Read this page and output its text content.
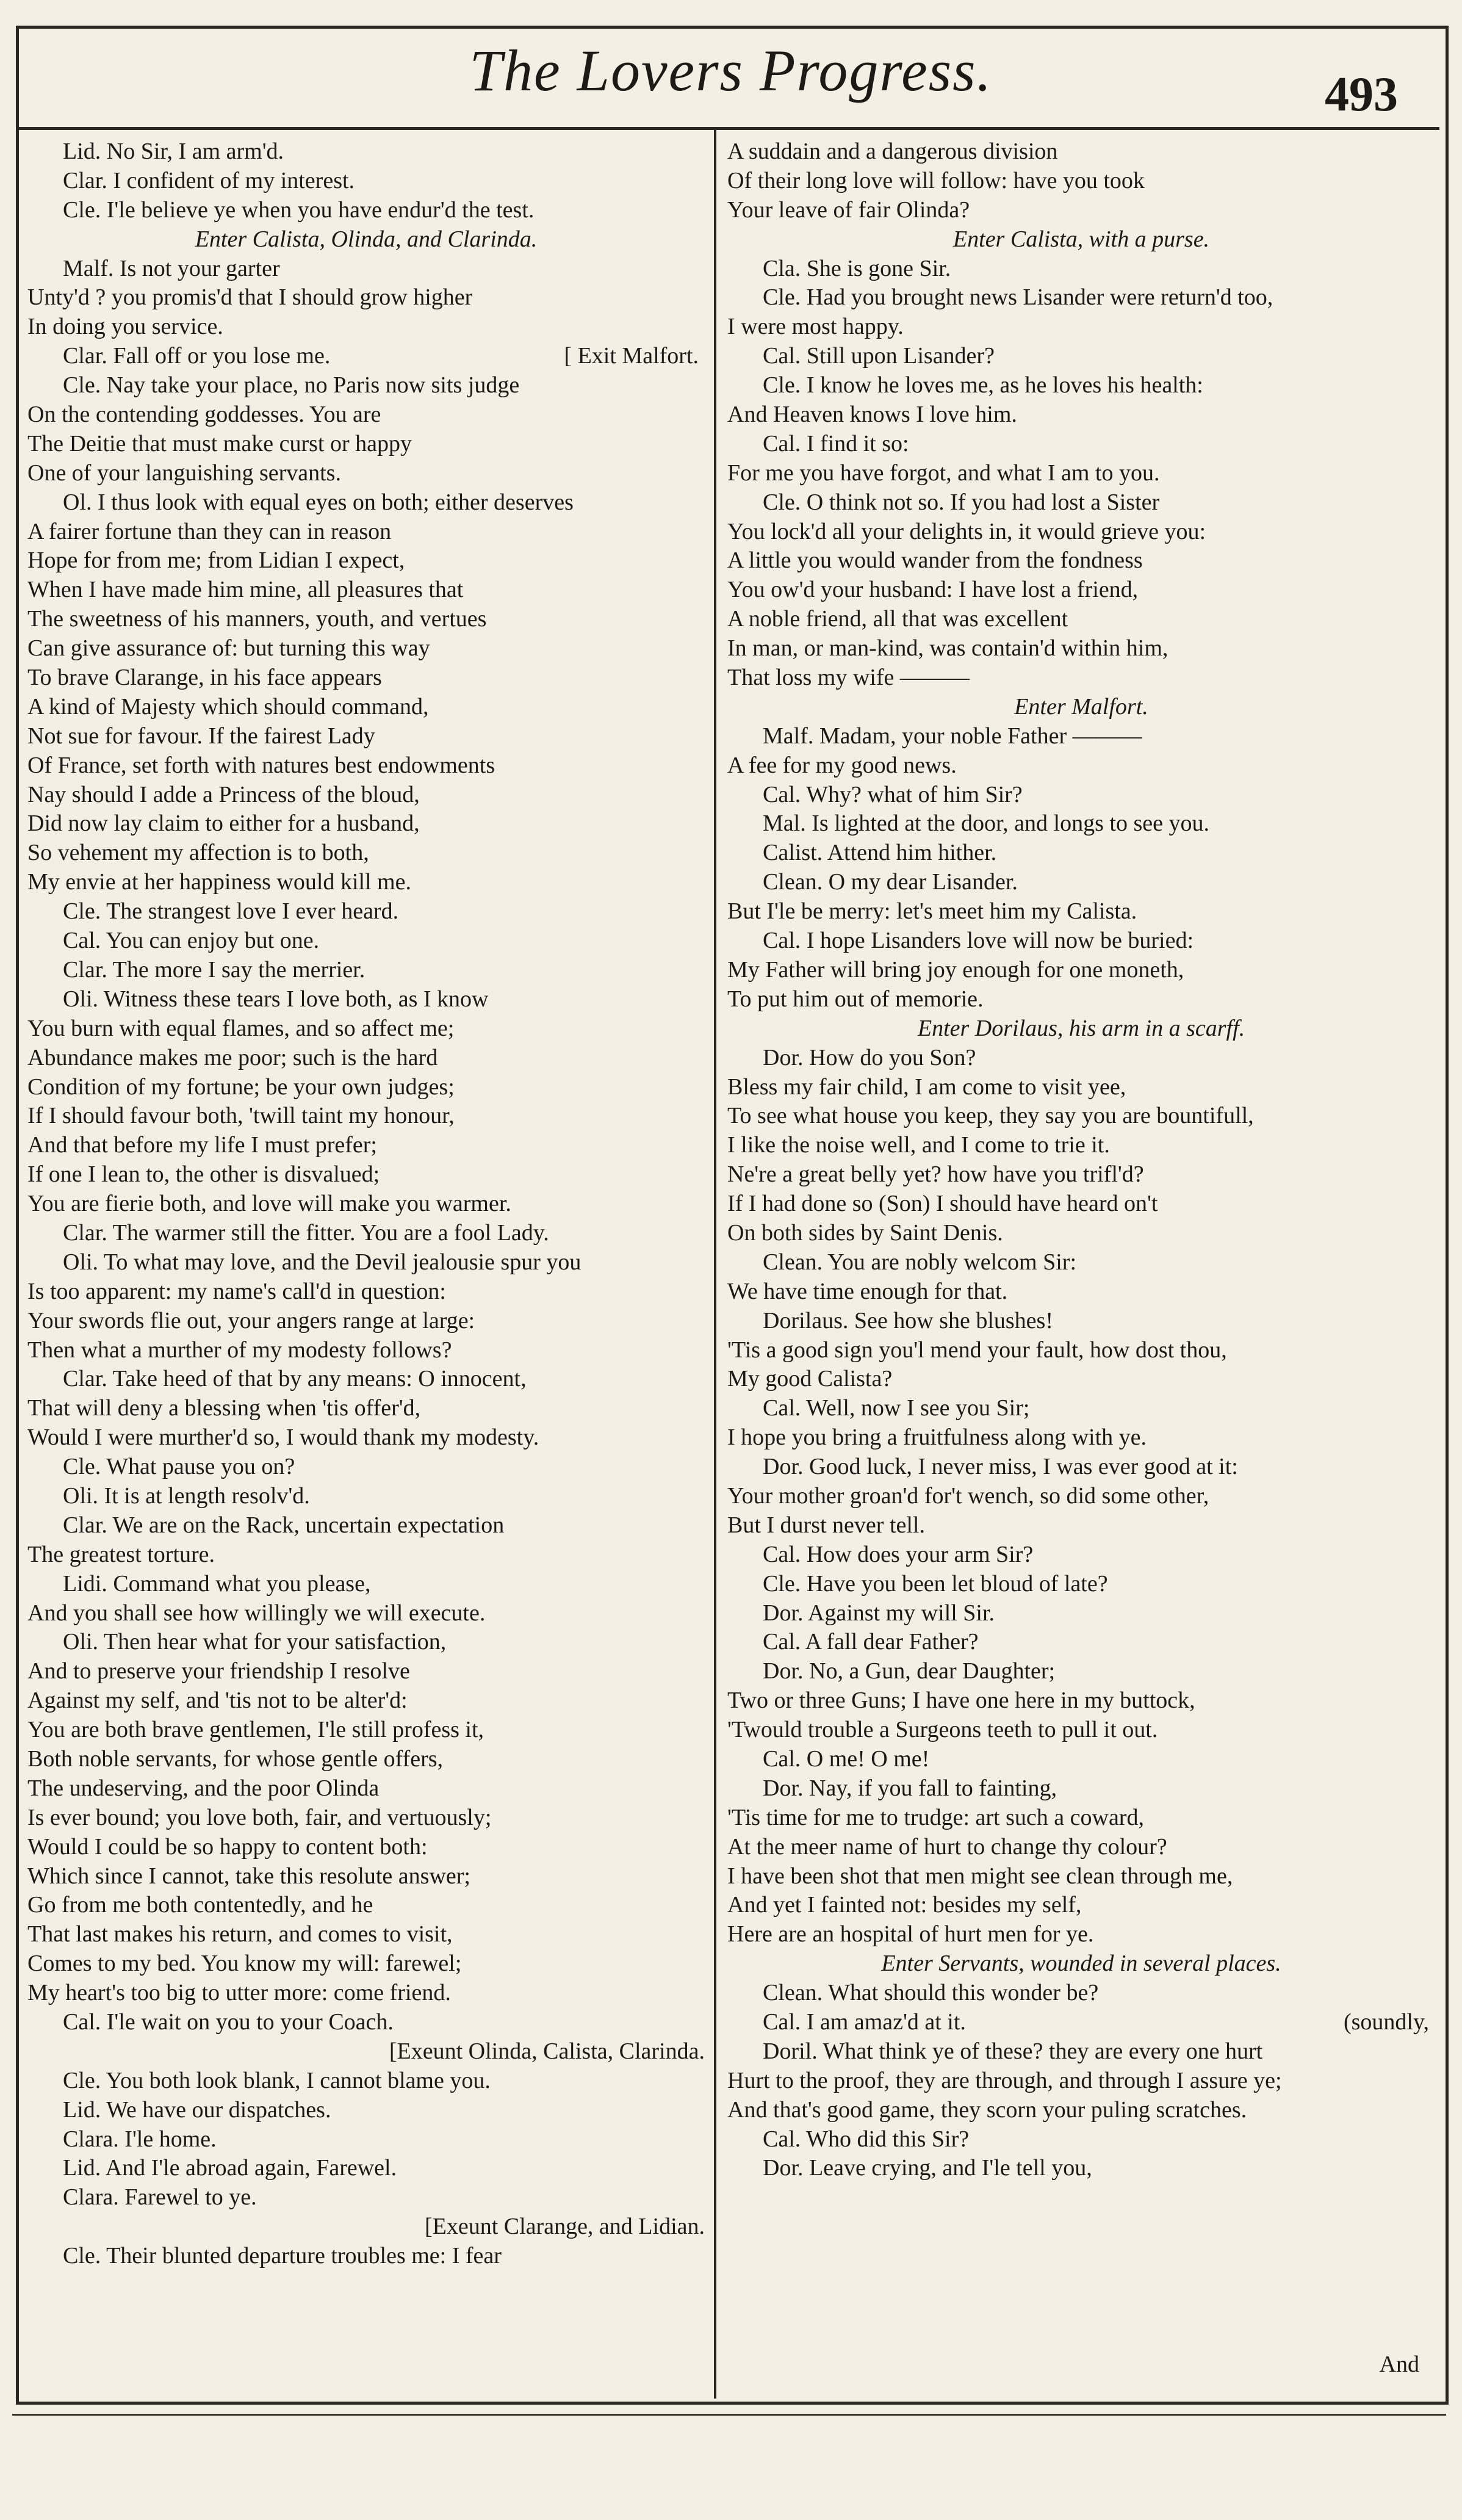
The Lovers Progress.	493
Lid. No Sir, I am arm'd.
Clar. I confident of my interest.
Cle. I'le believe ye when you have endur'd the test.
Enter Calista, Olinda, and Clarinda.
Malf. Is not your garter
Unty'd ? you promis'd that I should grow higher
In doing you service.
Clar. Fall off or you lose me.	[ Exit Malfort.
Cle. Nay take your place, no Paris now sits judge
On the contending goddesses. You are
The Deitie that must make curst or happy
One of your languishing servants.
Ol. I thus look with equal eyes on both; either deserves
A fairer fortune than they can in reason
Hope for from me; from Lidian I expect,
When I have made him mine, all pleasures that
The sweetness of his manners, youth, and vertues
Can give assurance of: but turning this way
To brave Clarange, in his face appears
A kind of Majesty which should command,
Not sue for favour. If the fairest Lady
Of France, set forth with natures best endowments
Nay should I adde a Princess of the bloud,
Did now lay claim to either for a husband,
So vehement my affection is to both,
My envie at her happiness would kill me.
Cle. The strangest love I ever heard.
Cal. You can enjoy but one.
Clar. The more I say the merrier.
Oli. Witness these tears I love both, as I know
You burn with equal flames, and so affect me;
Abundance makes me poor; such is the hard
Condition of my fortune; be your own judges;
If I should favour both, 'twill taint my honour,
And that before my life I must prefer;
If one I lean to, the other is disvalued;
You are fierie both, and love will make you warmer.
Clar. The warmer still the fitter. You are a fool Lady.
Oli. To what may love, and the Devil jealousie spur you
Is too apparent: my name's call'd in question:
Your swords flie out, your angers range at large:
Then what a murther of my modesty follows?
Clar. Take heed of that by any means: O innocent,
That will deny a blessing when 'tis offer'd,
Would I were murther'd so, I would thank my modesty.
Cle. What pause you on?
Oli. It is at length resolv'd.
Clar. We are on the Rack, uncertain expectation
The greatest torture.
Lidi. Command what you please,
And you shall see how willingly we will execute.
Oli. Then hear what for your satisfaction,
And to preserve your friendship I resolve
Against my self, and 'tis not to be alter'd:
You are both brave gentlemen, I'le still profess it,
Both noble servants, for whose gentle offers,
The undeserving, and the poor Olinda
Is ever bound; you love both, fair, and vertuously;
Would I could be so happy to content both:
Which since I cannot, take this resolute answer;
Go from me both contentedly, and he
That last makes his return, and comes to visit,
Comes to my bed. You know my will: farewel;
My heart's too big to utter more: come friend.
Cal. I'le wait on you to your Coach.
[Exeunt Olinda, Calista, Clarinda.
Cle. You both look blank, I cannot blame you.
Lid. We have our dispatches.
Clara. I'le home.
Lid. And I'le abroad again, Farewel.
Clara. Farewel to ye.
[Exeunt Clarange, and Lidian.
Cle. Their blunted departure troubles me: I fear
A suddain and a dangerous division
Of their long love will follow: have you took
Your leave of fair Olinda?
Enter Calista, with a purse.
Cla. She is gone Sir.
Cle. Had you brought news Lisander were return'd too,
I were most happy.
Cal. Still upon Lisander?
Cle. I know he loves me, as he loves his health:
And Heaven knows I love him.
Cal. I find it so:
For me you have forgot, and what I am to you.
Cle. O think not so. If you had lost a Sister
You lock'd all your delights in, it would grieve you:
A little you would wander from the fondness
You ow'd your husband: I have lost a friend,
A noble friend, all that was excellent
In man, or man-kind, was contain'd within him,
That loss my wife ———
Enter Malfort.
Malf. Madam, your noble Father ———
A fee for my good news.
Cal. Why? what of him Sir?
Mal. Is lighted at the door, and longs to see you.
Calist. Attend him hither.
Clean. O my dear Lisander.
But I'le be merry: let's meet him my Calista.
Cal. I hope Lisanders love will now be buried:
My Father will bring joy enough for one moneth,
To put him out of memorie.
Enter Dorilaus, his arm in a scarff.
Dor. How do you Son?
Bless my fair child, I am come to visit yee,
To see what house you keep, they say you are bountifull,
I like the noise well, and I come to trie it.
Ne're a great belly yet? how have you trifl'd?
If I had done so (Son) I should have heard on't
On both sides by Saint Denis.
Clean. You are nobly welcom Sir:
We have time enough for that.
Dorilaus. See how she blushes!
'Tis a good sign you'l mend your fault, how dost thou,
My good Calista?
Cal. Well, now I see you Sir;
I hope you bring a fruitfulness along with ye.
Dor. Good luck, I never miss, I was ever good at it:
Your mother groan'd for't wench, so did some other,
But I durst never tell.
Cal. How does your arm Sir?
Cle. Have you been let bloud of late?
Dor. Against my will Sir.
Cal. A fall dear Father?
Dor. No, a Gun, dear Daughter;
Two or three Guns; I have one here in my buttock,
'Twould trouble a Surgeons teeth to pull it out.
Cal. O me! O me!
Dor. Nay, if you fall to fainting,
'Tis time for me to trudge: art such a coward,
At the meer name of hurt to change thy colour?
I have been shot that men might see clean through me,
And yet I fainted not: besides my self,
Here are an hospital of hurt men for ye.
Enter Servants, wounded in several places.
Clean. What should this wonder be?
Cal. I am amaz'd at it.	(soundly,
Doril. What think ye of these? they are every one hurt
Hurt to the proof, they are through, and through I assure ye;
And that's good game, they scorn your puling scratches.
Cal. Who did this Sir?
Dor. Leave crying, and I'le tell you,
And
